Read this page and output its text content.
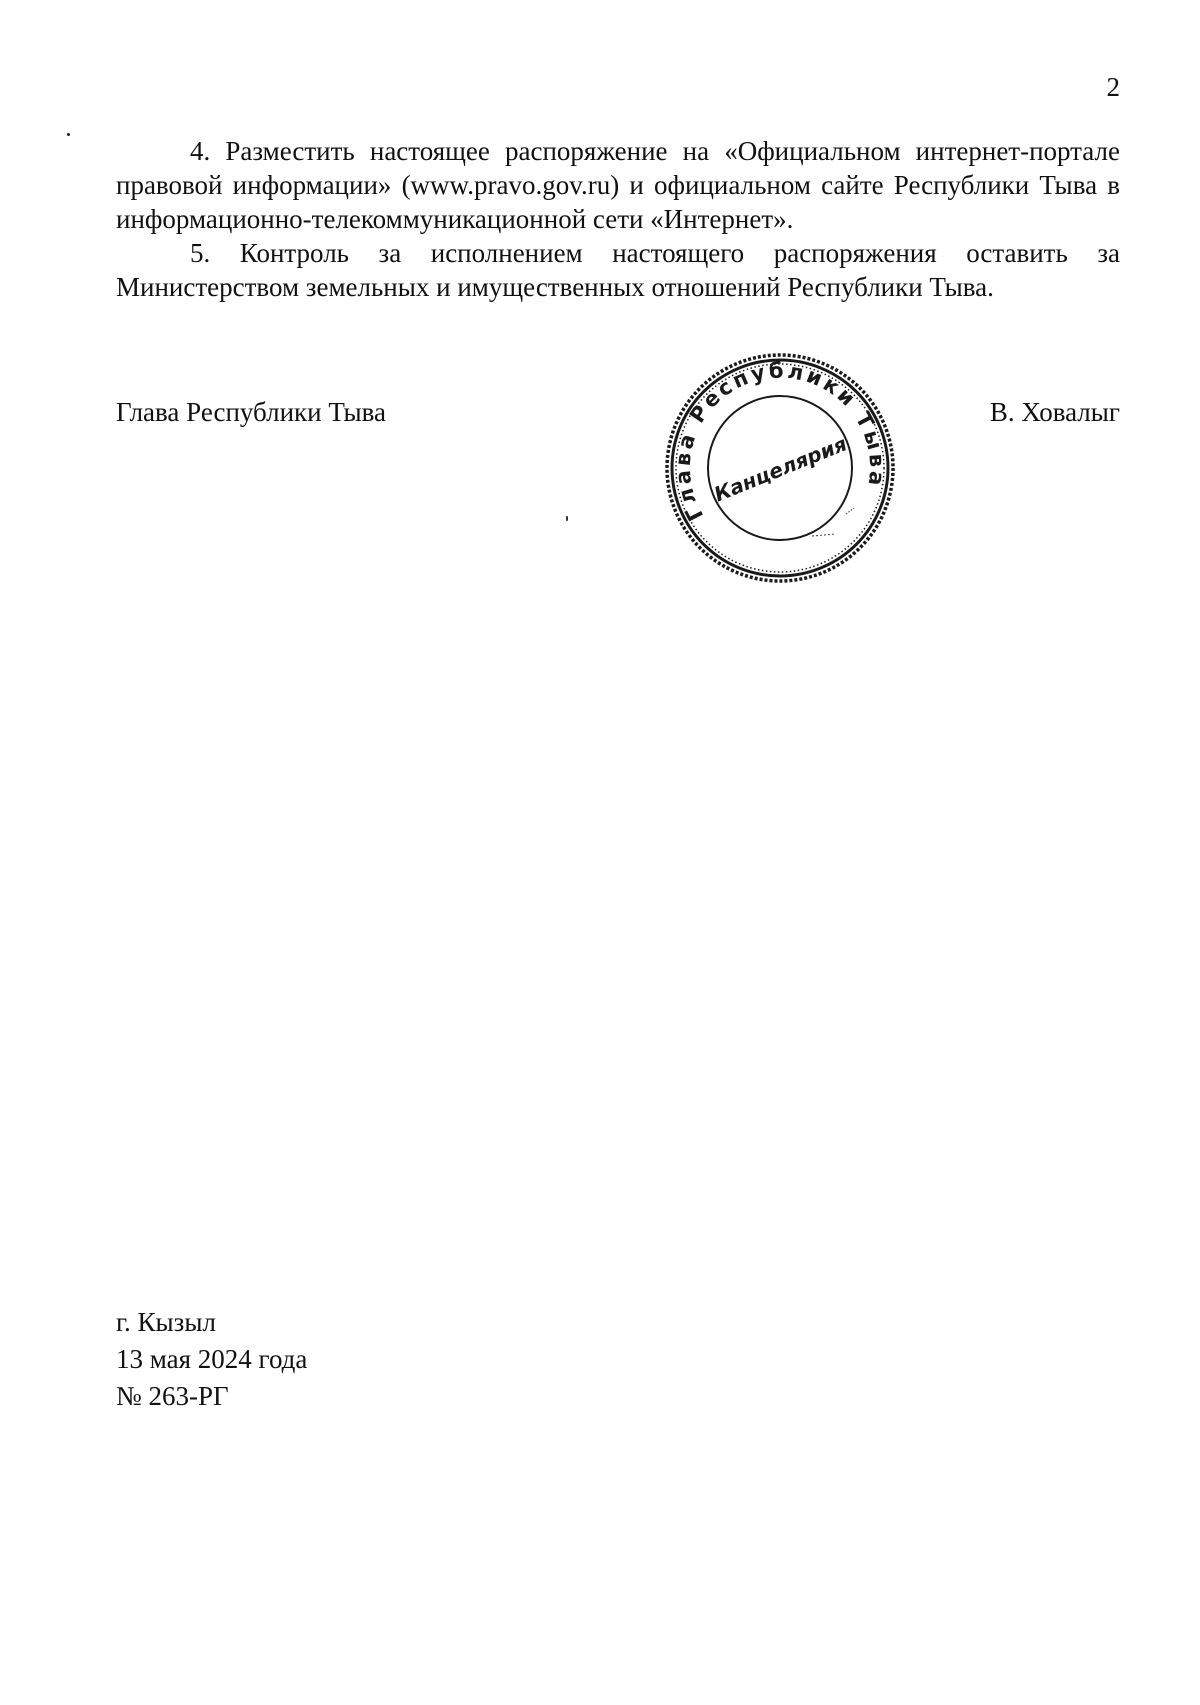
2

4. Разместить настоящее распоряжение на «Официальном интернет-портале правовой информации» (www.pravo.gov.ru) и официальном сайте Республики Тыва в информационно-телекоммуникационной сети «Интернет».

5. Контроль за исполнением настоящего распоряжения оставить за Министерством земельных и имущественных отношений Республики Тыва.

Глава Республики Тыва	В. Ховалыг
Глава Республики Тыва
Канцелярия
г. Кызыл
13 мая 2024 года
№ 263-РГ
